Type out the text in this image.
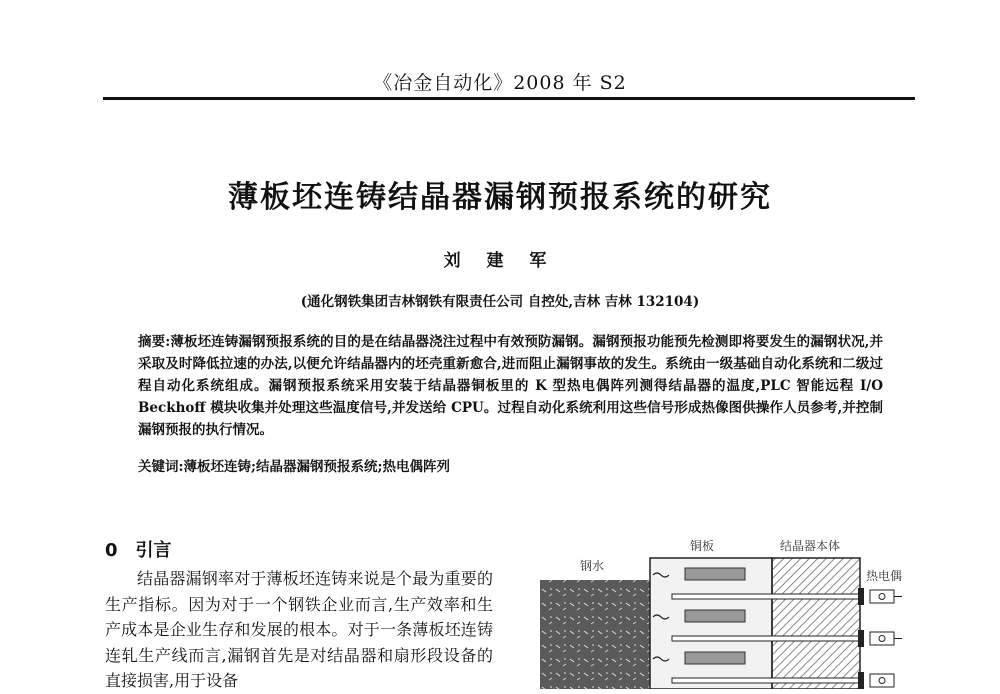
《冶金自动化》2008 年 S2
薄板坯连铸结晶器漏钢预报系统的研究
刘 建 军
(通化钢铁集团吉林钢铁有限责任公司 自控处,吉林 吉林 132104)
摘要:薄板坯连铸漏钢预报系统的目的是在结晶器浇注过程中有效预防漏钢。漏钢预报功能预先检测即将要发生的漏钢状况,并采取及时降低拉速的办法,以便允许结晶器内的坯壳重新愈合,进而阻止漏钢事故的发生。系统由一级基础自动化系统和二级过程自动化系统组成。漏钢预报系统采用安装于结晶器铜板里的 K 型热电偶阵列测得结晶器的温度,PLC 智能远程 I/O Beckhoff 模块收集并处理这些温度信号,并发送给 CPU。过程自动化系统利用这些信号形成热像图供操作人员参考,并控制漏钢预报的执行情况。
关键词:薄板坯连铸;结晶器漏钢预报系统;热电偶阵列
0 引言

结晶器漏钢率对于薄板坯连铸来说是个最为重要的生产指标。因为对于一个钢铁企业而言,生产效率和生产成本是企业生存和发展的根本。对于一条薄板坯连铸连轧生产线而言,漏钢首先是对结晶器和扇形段设备的直接损害,用于设备

钢水
铜板	结晶器本体
热电偶
